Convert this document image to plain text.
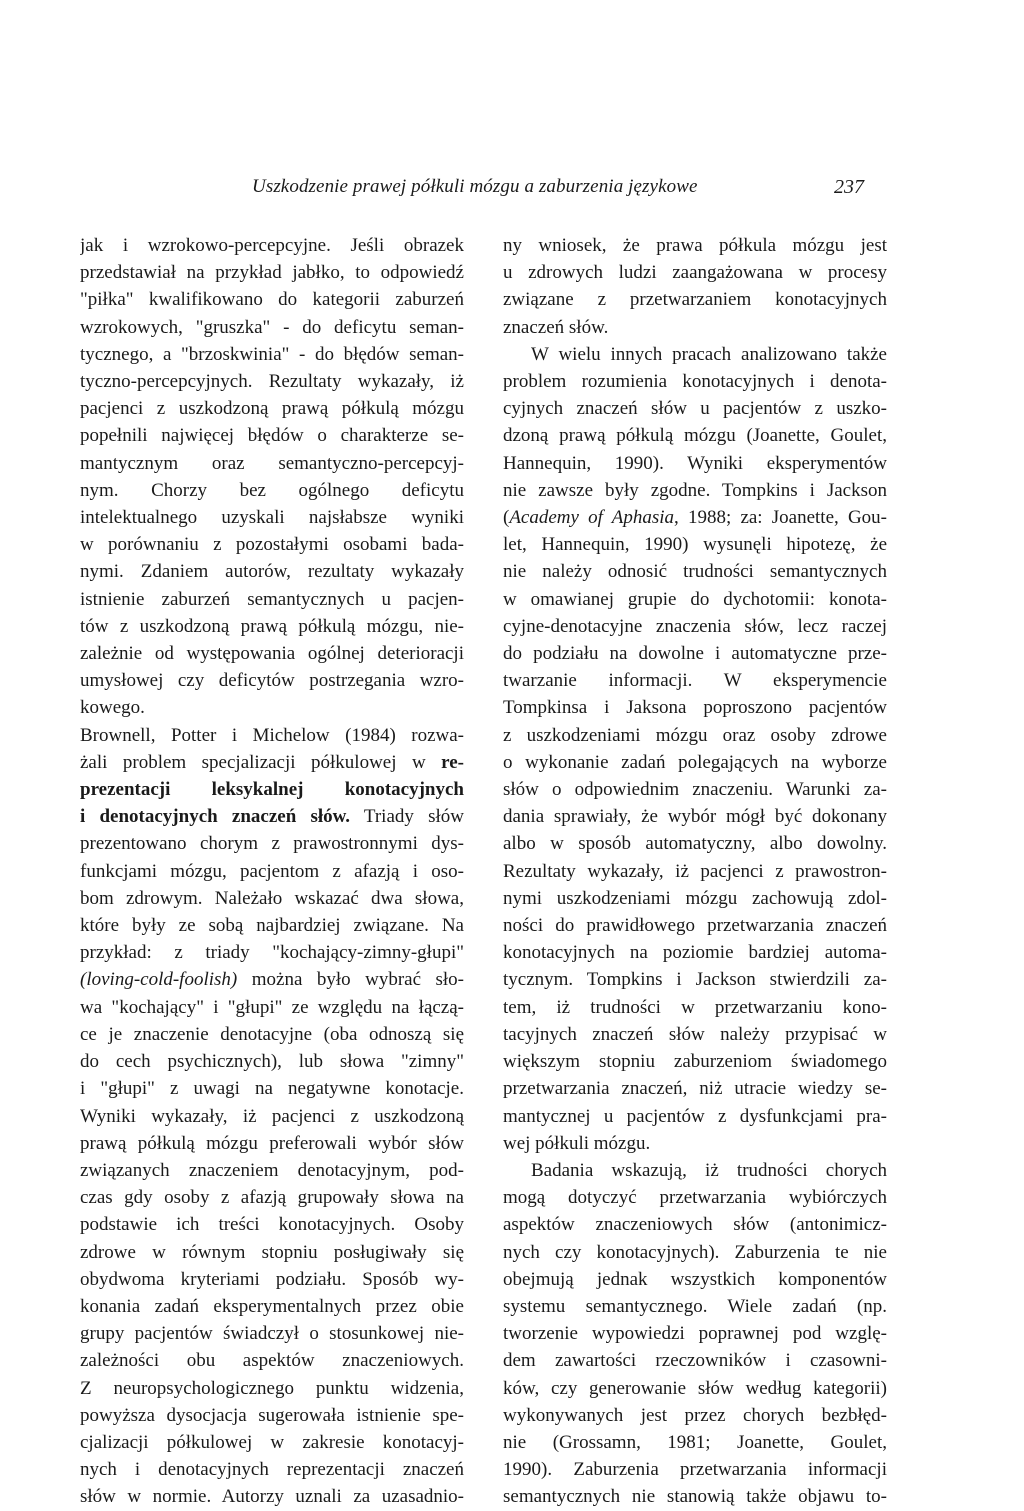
Uszkodzenie prawej półkuli mózgu a zaburzenia językowe	237
jak i wzrokowo-percepcyjne. Jeśli obrazek
przedstawiał na przykład jabłko, to odpowiedź
"piłka" kwalifikowano do kategorii zaburzeń
wzrokowych, "gruszka" - do deficytu seman-
tycznego, a "brzoskwinia" - do błędów seman-
tyczno-percepcyjnych. Rezultaty wykazały, iż
pacjenci z uszkodzoną prawą półkulą mózgu
popełnili najwięcej błędów o charakterze se-
mantycznym oraz semantyczno-percepcyj-
nym. Chorzy bez ogólnego deficytu
intelektualnego uzyskali najsłabsze wyniki
w porównaniu z pozostałymi osobami bada-
nymi. Zdaniem autorów, rezultaty wykazały
istnienie zaburzeń semantycznych u pacjen-
tów z uszkodzoną prawą półkulą mózgu, nie-
zależnie od występowania ogólnej deterioracji
umysłowej czy deficytów postrzegania wzro-
kowego.
Brownell, Potter i Michelow (1984) rozwa-
żali problem specjalizacji półkulowej w re-
prezentacji leksykalnej konotacyjnych
i denotacyjnych znaczeń słów. Triady słów
prezentowano chorym z prawostronnymi dys-
funkcjami mózgu, pacjentom z afazją i oso-
bom zdrowym. Należało wskazać dwa słowa,
które były ze sobą najbardziej związane. Na
przykład: z triady "kochający-zimny-głupi"
(loving-cold-foolish) można było wybrać sło-
wa "kochający" i "głupi" ze względu na łączą-
ce je znaczenie denotacyjne (oba odnoszą się
do cech psychicznych), lub słowa "zimny"
i "głupi" z uwagi na negatywne konotacje.
Wyniki wykazały, iż pacjenci z uszkodzoną
prawą półkulą mózgu preferowali wybór słów
związanych znaczeniem denotacyjnym, pod-
czas gdy osoby z afazją grupowały słowa na
podstawie ich treści konotacyjnych. Osoby
zdrowe w równym stopniu posługiwały się
obydwoma kryteriami podziału. Sposób wy-
konania zadań eksperymentalnych przez obie
grupy pacjentów świadczył o stosunkowej nie-
zależności obu aspektów znaczeniowych.
Z neuropsychologicznego punktu widzenia,
powyższa dysocjacja sugerowała istnienie spe-
cjalizacji półkulowej w zakresie konotacyj-
nych i denotacyjnych reprezentacji znaczeń
słów w normie. Autorzy uznali za uzasadnio-
ny wniosek, że prawa półkula mózgu jest
u zdrowych ludzi zaangażowana w procesy
związane z przetwarzaniem konotacyjnych
znaczeń słów.
W wielu innych pracach analizowano także
problem rozumienia konotacyjnych i denota-
cyjnych znaczeń słów u pacjentów z uszko-
dzoną prawą półkulą mózgu (Joanette, Goulet,
Hannequin, 1990). Wyniki eksperymentów
nie zawsze były zgodne. Tompkins i Jackson
(Academy of Aphasia, 1988; za: Joanette, Gou-
let, Hannequin, 1990) wysunęli hipotezę, że
nie należy odnosić trudności semantycznych
w omawianej grupie do dychotomii: konota-
cyjne-denotacyjne znaczenia słów, lecz raczej
do podziału na dowolne i automatyczne prze-
twarzanie informacji. W eksperymencie
Tompkinsa i Jaksona poproszono pacjentów
z uszkodzeniami mózgu oraz osoby zdrowe
o wykonanie zadań polegających na wyborze
słów o odpowiednim znaczeniu. Warunki za-
dania sprawiały, że wybór mógł być dokonany
albo w sposób automatyczny, albo dowolny.
Rezultaty wykazały, iż pacjenci z prawostron-
nymi uszkodzeniami mózgu zachowują zdol-
ności do prawidłowego przetwarzania znaczeń
konotacyjnych na poziomie bardziej automa-
tycznym. Tompkins i Jackson stwierdzili za-
tem, iż trudności w przetwarzaniu kono-
tacyjnych znaczeń słów należy przypisać w
większym stopniu zaburzeniom świadomego
przetwarzania znaczeń, niż utracie wiedzy se-
mantycznej u pacjentów z dysfunkcjami pra-
wej półkuli mózgu.
Badania wskazują, iż trudności chorych
mogą dotyczyć przetwarzania wybiórczych
aspektów znaczeniowych słów (antonimicz-
nych czy konotacyjnych). Zaburzenia te nie
obejmują jednak wszystkich komponentów
systemu semantycznego. Wiele zadań (np.
tworzenie wypowiedzi poprawnej pod wzglę-
dem zawartości rzeczowników i czasowni-
ków, czy generowanie słów według kategorii)
wykonywanych jest przez chorych bezbłęd-
nie (Grossamn, 1981; Joanette, Goulet,
1990). Zaburzenia przetwarzania informacji
semantycznych nie stanowią także objawu to-
